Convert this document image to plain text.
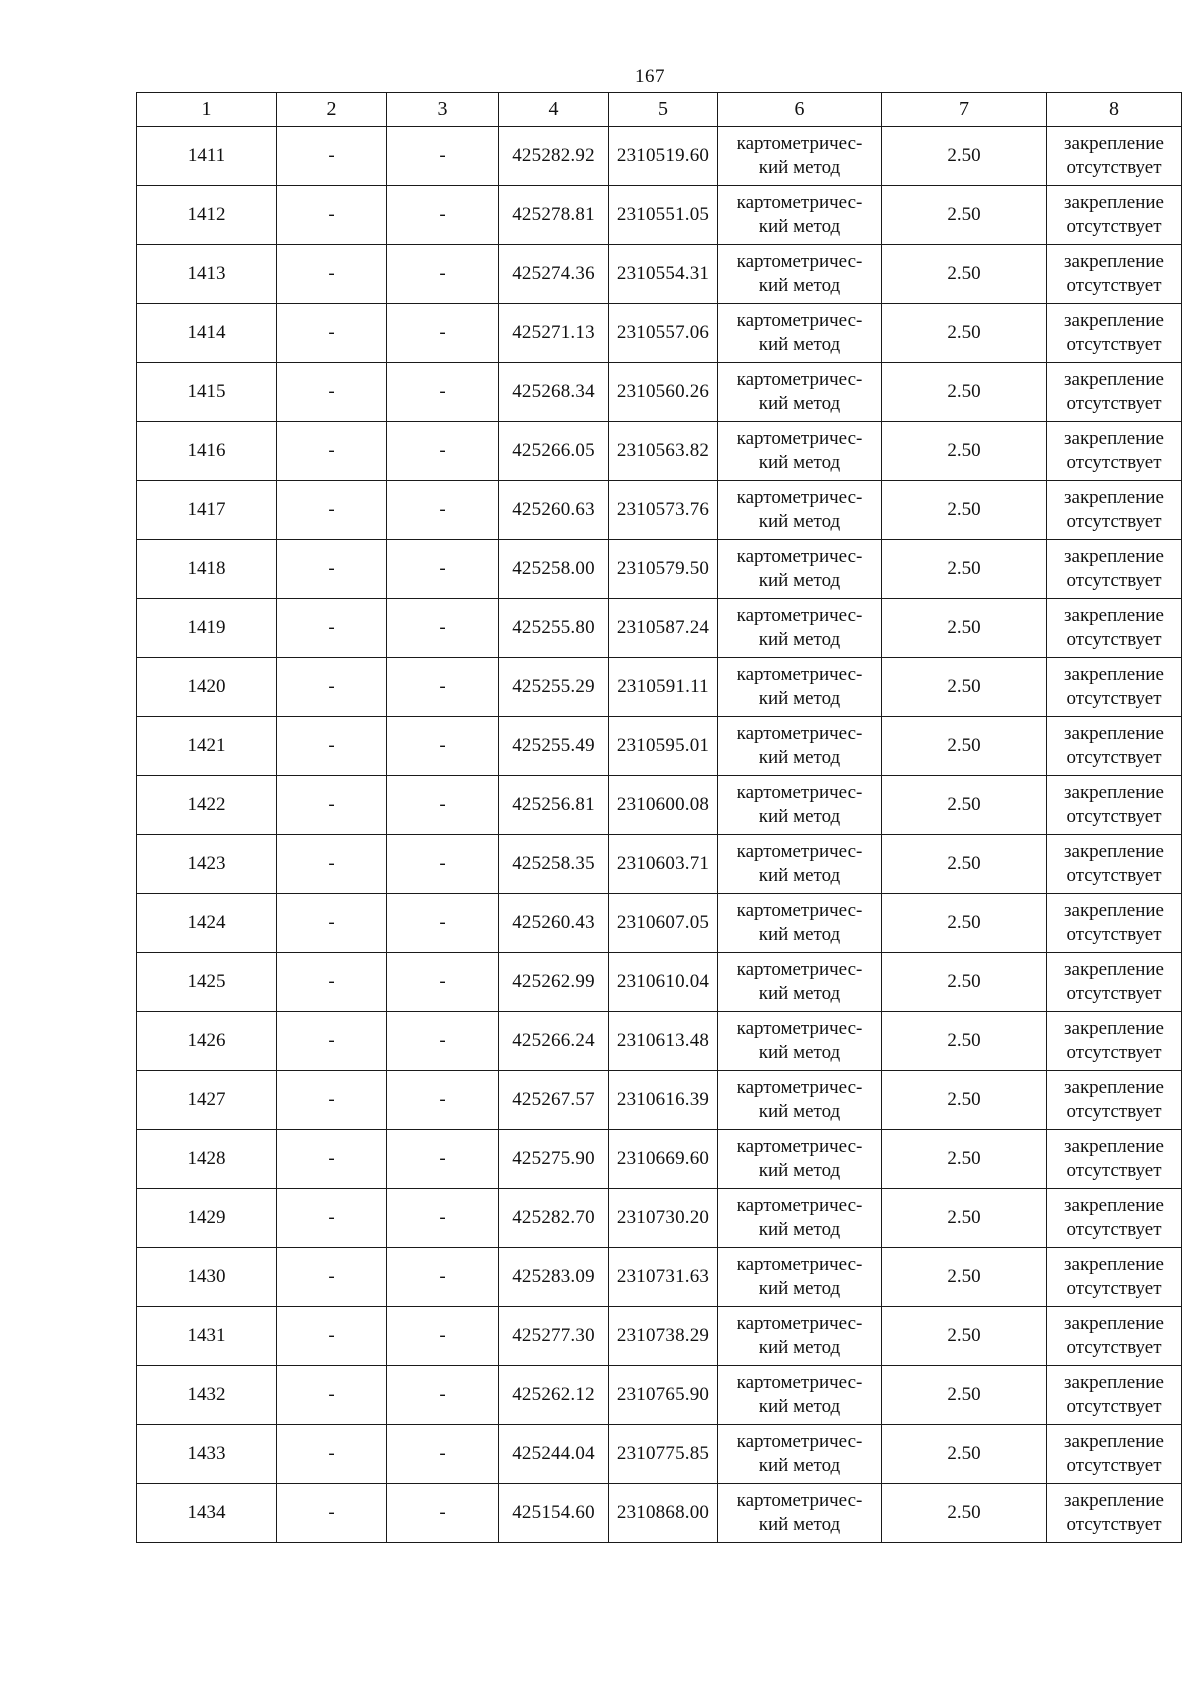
167
1	2	3	4	5	6	7	8
1411	-	-	425282.92	2310519.60	картометричес-
кий метод	2.50	закрепление
отсутствует

1412	-	-	425278.81	2310551.05	картометричес-
кий метод	2.50	закрепление
отсутствует

1413	-	-	425274.36	2310554.31	картометричес-
кий метод	2.50	закрепление
отсутствует

1414	-	-	425271.13	2310557.06	картометричес-
кий метод	2.50	закрепление
отсутствует

1415	-	-	425268.34	2310560.26	картометричес-
кий метод	2.50	закрепление
отсутствует

1416	-	-	425266.05	2310563.82	картометричес-
кий метод	2.50	закрепление
отсутствует

1417	-	-	425260.63	2310573.76	картометричес-
кий метод	2.50	закрепление
отсутствует

1418	-	-	425258.00	2310579.50	картометричес-
кий метод	2.50	закрепление
отсутствует

1419	-	-	425255.80	2310587.24	картометричес-
кий метод	2.50	закрепление
отсутствует

1420	-	-	425255.29	2310591.11	картометричес-
кий метод	2.50	закрепление
отсутствует

1421	-	-	425255.49	2310595.01	картометричес-
кий метод	2.50	закрепление
отсутствует

1422	-	-	425256.81	2310600.08	картометричес-
кий метод	2.50	закрепление
отсутствует

1423	-	-	425258.35	2310603.71	картометричес-
кий метод	2.50	закрепление
отсутствует

1424	-	-	425260.43	2310607.05	картометричес-
кий метод	2.50	закрепление
отсутствует

1425	-	-	425262.99	2310610.04	картометричес-
кий метод	2.50	закрепление
отсутствует

1426	-	-	425266.24	2310613.48	картометричес-
кий метод	2.50	закрепление
отсутствует

1427	-	-	425267.57	2310616.39	картометричес-
кий метод	2.50	закрепление
отсутствует

1428	-	-	425275.90	2310669.60	картометричес-
кий метод	2.50	закрепление
отсутствует

1429	-	-	425282.70	2310730.20	картометричес-
кий метод	2.50	закрепление
отсутствует

1430	-	-	425283.09	2310731.63	картометричес-
кий метод	2.50	закрепление
отсутствует

1431	-	-	425277.30	2310738.29	картометричес-
кий метод	2.50	закрепление
отсутствует

1432	-	-	425262.12	2310765.90	картометричес-
кий метод	2.50	закрепление
отсутствует

1433	-	-	425244.04	2310775.85	картометричес-
кий метод	2.50	закрепление
отсутствует

1434	-	-	425154.60	2310868.00	картометричес-
кий метод	2.50	закрепление
отсутствует
